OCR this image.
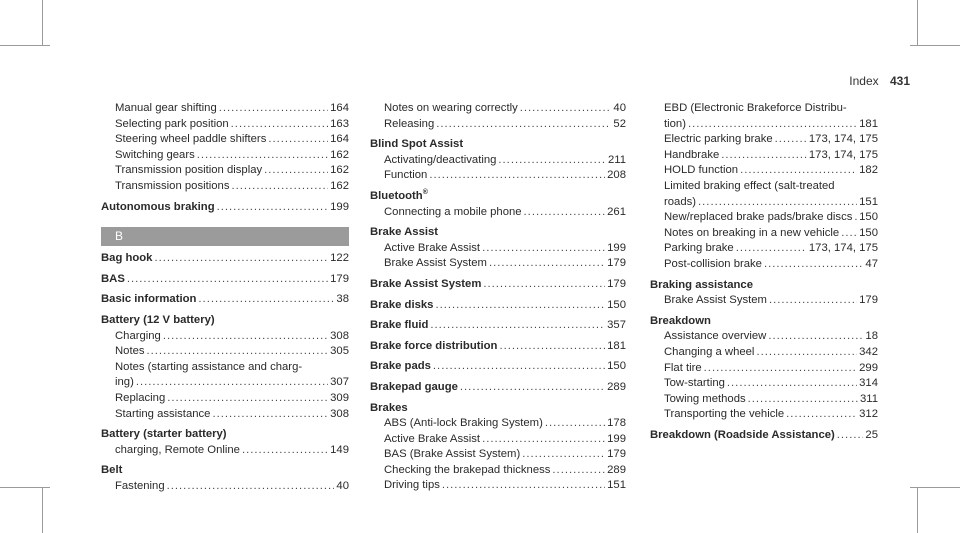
Index 431
Manual gear shifting .....	164
Selecting park position .....	163
Steering wheel paddle shifters .....	164
Switching gears .....	162
Transmission position display .....	162
Transmission positions .....	162
Autonomous braking .....	199
B
Bag hook .....	122
BAS .....	179
Basic information .....	38
Battery (12 V battery)
Charging .....	308
Notes .....	305
Notes (starting assistance and charg-
ing) .....	307
Replacing .....	309
Starting assistance .....	308
Battery (starter battery)
charging, Remote Online .....	149
Belt
Fastening .....	40
Notes on wearing correctly .....	40
Releasing .....	52
Blind Spot Assist
Activating/deactivating .....	211
Function .....	208
Bluetooth®
Connecting a mobile phone .....	261
Brake Assist
Active Brake Assist .....	199
Brake Assist System .....	179
Brake Assist System .....	179
Brake disks .....	150
Brake fluid .....	357
Brake force distribution .....	181
Brake pads .....	150
Brakepad gauge .....	289
Brakes
ABS (Anti-lock Braking System) .....	178
Active Brake Assist .....	199
BAS (Brake Assist System) .....	179
Checking the brakepad thickness .....	289
Driving tips .....	151
EBD (Electronic Brakeforce Distribu-
tion) .....	181
Electric parking brake .....	173, 174, 175
Handbrake .....	173, 174, 175
HOLD function .....	182
Limited braking effect (salt-treated
roads) .....	151
New/replaced brake pads/brake discs ..... 150
Notes on breaking in a new vehicle ..... 150
Parking brake .....	173, 174, 175
Post-collision brake .....	47
Braking assistance
Brake Assist System .....	179
Breakdown
Assistance overview .....	18
Changing a wheel .....	342
Flat tire .....	299
Tow-starting .....	314
Towing methods .....	311
Transporting the vehicle .....	312
Breakdown (Roadside Assistance) .....	25
